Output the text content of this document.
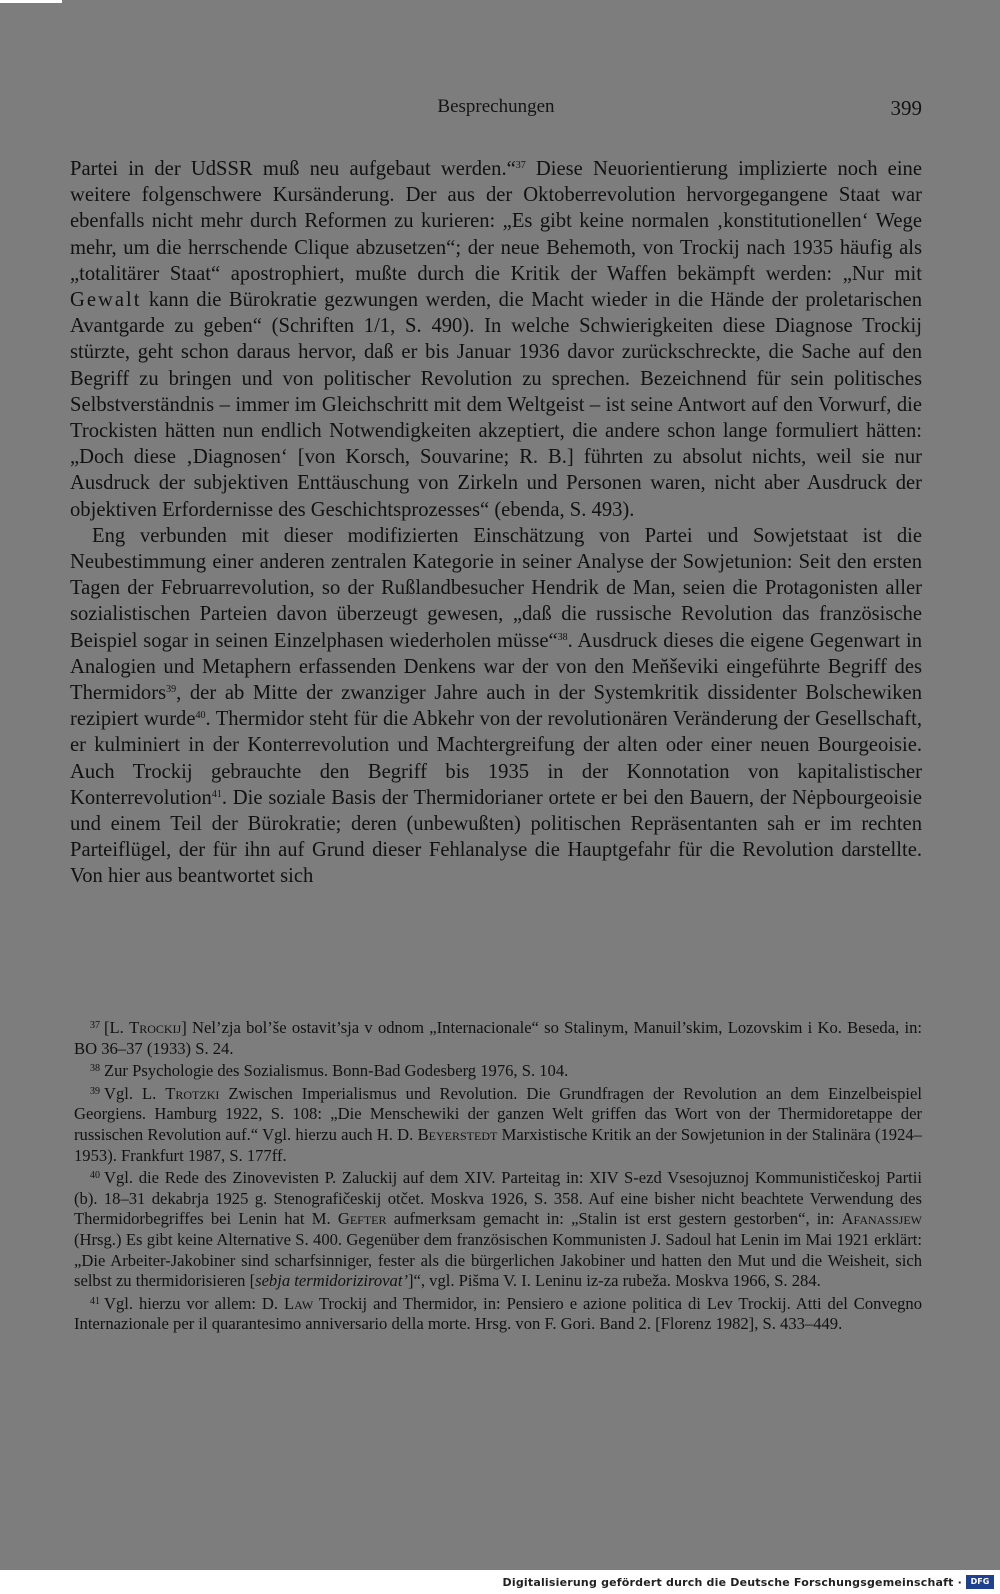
Besprechungen	399

Partei in der UdSSR muß neu aufgebaut werden.“$^{37}$ Diese Neuorientierung implizierte noch eine weitere folgenschwere Kursänderung. Der aus der Oktoberrevolution hervorgegangene Staat war ebenfalls nicht mehr durch Reformen zu kurieren: „Es gibt keine normalen ‚konstitutionellen‘ Wege mehr, um die herrschende Clique abzusetzen“; der neue Behemoth, von Trockij nach 1935 häufig als „totalitärer Staat“ apostrophiert, mußte durch die Kritik der Waffen bekämpft werden: „Nur mit Gewalt kann die Bürokratie gezwungen werden, die Macht wieder in die Hände der proletarischen Avantgarde zu geben“ (Schriften 1/1, S. 490). In welche Schwierigkeiten diese Diagnose Trockij stürzte, geht schon daraus hervor, daß er bis Januar 1936 davor zurückschreckte, die Sache auf den Begriff zu bringen und von politischer Revolution zu sprechen. Bezeichnend für sein politisches Selbstverständnis – immer im Gleichschritt mit dem Weltgeist – ist seine Antwort auf den Vorwurf, die Trockisten hätten nun endlich Notwendigkeiten akzeptiert, die andere schon lange formuliert hätten: „Doch diese ‚Diagnosen‘ [von Korsch, Souvarine; R. B.] führten zu absolut nichts, weil sie nur Ausdruck der subjektiven Enttäuschung von Zirkeln und Personen waren, nicht aber Ausdruck der objektiven Erfordernisse des Geschichtsprozesses“ (ebenda, S. 493).

Eng verbunden mit dieser modifizierten Einschätzung von Partei und Sowjetstaat ist die Neubestimmung einer anderen zentralen Kategorie in seiner Analyse der Sowjetunion: Seit den ersten Tagen der Februarrevolution, so der Rußlandbesucher Hendrik de Man, seien die Protagonisten aller sozialistischen Parteien davon überzeugt gewesen, „daß die russische Revolution das französische Beispiel sogar in seinen Einzelphasen wiederholen müsse“$^{38}$. Ausdruck dieses die eigene Gegenwart in Analogien und Metaphern erfassenden Denkens war der von den Men̆ševiki eingeführte Begriff des Thermidors$^{39}$, der ab Mitte der zwanziger Jahre auch in der Systemkritik dissidenter Bolschewiken rezipiert wurde$^{40}$. Thermidor steht für die Abkehr von der revolutionären Veränderung der Gesellschaft, er kulminiert in der Konterrevolution und Machtergreifung der alten oder einer neuen Bourgeoisie. Auch Trockij gebrauchte den Begriff bis 1935 in der Konnotation von kapitalistischer Konterrevolution$^{41}$. Die soziale Basis der Thermidorianer ortete er bei den Bauern, der Nėpbourgeoisie und einem Teil der Bürokratie; deren (unbewußten) politischen Repräsentanten sah er im rechten Parteiflügel, der für ihn auf Grund dieser Fehlanalyse die Hauptgefahr für die Revolution darstellte. Von hier aus beantwortet sich

$^{37}$ [L. Trockij] Nel’zja bol’še ostavit’sja v odnom „Internacionale“ so Stalinym, Manuil’skim, Lozovskim i Ko. Beseda, in: BO 36–37 (1933) S. 24.

$^{38}$ Zur Psychologie des Sozialismus. Bonn-Bad Godesberg 1976, S. 104.

$^{39}$ Vgl. L. Trotzki Zwischen Imperialismus und Revolution. Die Grundfragen der Revolution an dem Einzelbeispiel Georgiens. Hamburg 1922, S. 108: „Die Menschewiki der ganzen Welt griffen das Wort von der Thermidoretappe der russischen Revolution auf.“ Vgl. hierzu auch H. D. Beyerstedt Marxistische Kritik an der Sowjetunion in der Stalinära (1924–1953). Frankfurt 1987, S. 177ff.

$^{40}$ Vgl. die Rede des Zinovevisten P. Zaluckij auf dem XIV. Parteitag in: XIV S-ezd Vsesojuznoj Kommunističeskoj Partii (b). 18–31 dekabrja 1925 g. Stenografičeskij otčet. Moskva 1926, S. 358. Auf eine bisher nicht beachtete Verwendung des Thermidorbegriffes bei Lenin hat M. Gefter aufmerksam gemacht in: „Stalin ist erst gestern gestorben“, in: Afanassjew (Hrsg.) Es gibt keine Alternative S. 400. Gegenüber dem französischen Kommunisten J. Sadoul hat Lenin im Mai 1921 erklärt: „Die Arbeiter-Jakobiner sind scharfsinniger, fester als die bürgerlichen Jakobiner und hatten den Mut und die Weisheit, sich selbst zu thermidorisieren [sebja termidorizirovat’]“, vgl. Pis̆ma V. I. Leninu iz-za rubeža. Moskva 1966, S. 284.

$^{41}$ Vgl. hierzu vor allem: D. Law Trockij and Thermidor, in: Pensiero e azione politica di Lev Trockij. Atti del Convegno Internazionale per il quarantesimo anniversario della morte. Hrsg. von F. Gori. Band 2. [Florenz 1982], S. 433–449.

Digitalisierung gefördert durch die Deutsche Forschungsgemeinschaft ·	DFG
